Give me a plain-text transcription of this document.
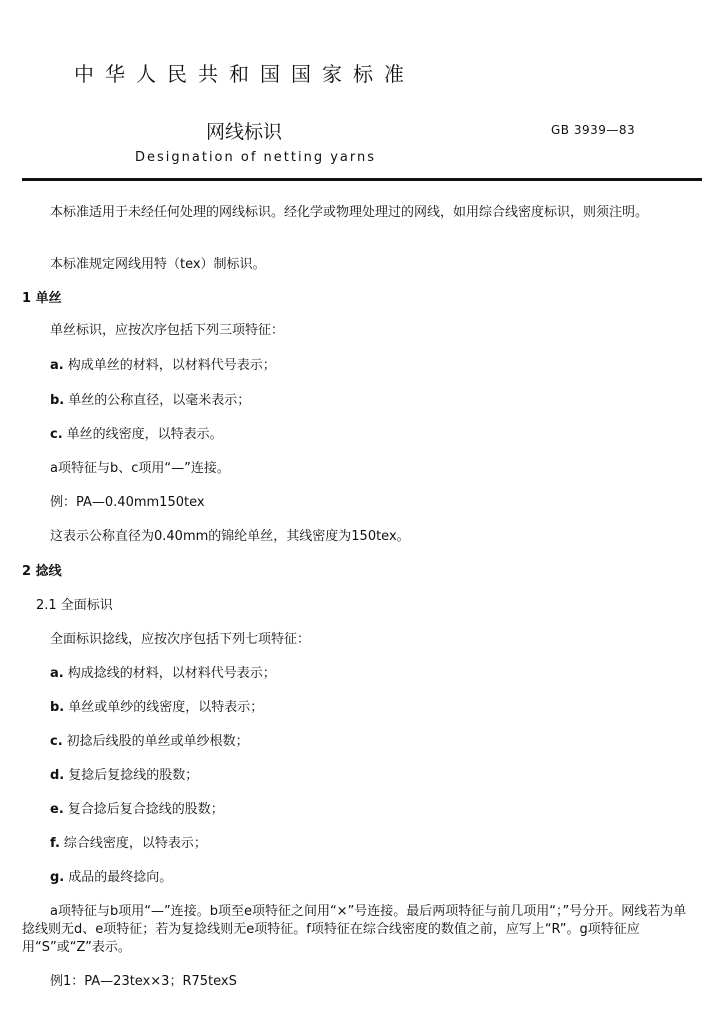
中华人民共和国国家标准
网线标识	GB 3939—83
Designation of netting yarns
本标准适用于未经任何处理的网线标识。经化学或物理处理过的网线，如用综合线密度标识，则须注明。
本标准规定网线用特（tex）制标识。
1 单丝
单丝标识，应按次序包括下列三项特征：
a. 构成单丝的材料，以材料代号表示；
b. 单丝的公称直径，以毫米表示；
c. 单丝的线密度，以特表示。
a项特征与b、c项用“—”连接。
例：PA—0.40mm150tex
这表示公称直径为0.40mm的锦纶单丝，其线密度为150tex。
2 捻线
2.1 全面标识
全面标识捻线，应按次序包括下列七项特征：
a. 构成捻线的材料，以材料代号表示；
b. 单丝或单纱的线密度，以特表示；
c. 初捻后线股的单丝或单纱根数；
d. 复捻后复捻线的股数；
e. 复合捻后复合捻线的股数；
f. 综合线密度，以特表示；
g. 成品的最终捻向。
a项特征与b项用“—”连接。b项至e项特征之间用“×”号连接。最后两项特征与前几项用“；”号分开。网线若为单捻线则无d、e项特征；若为复捻线则无e项特征。f项特征在综合线密度的数值之前，应写上“R”。g项特征应用“S”或“Z”表示。
例1：PA—23tex×3；R75texS
